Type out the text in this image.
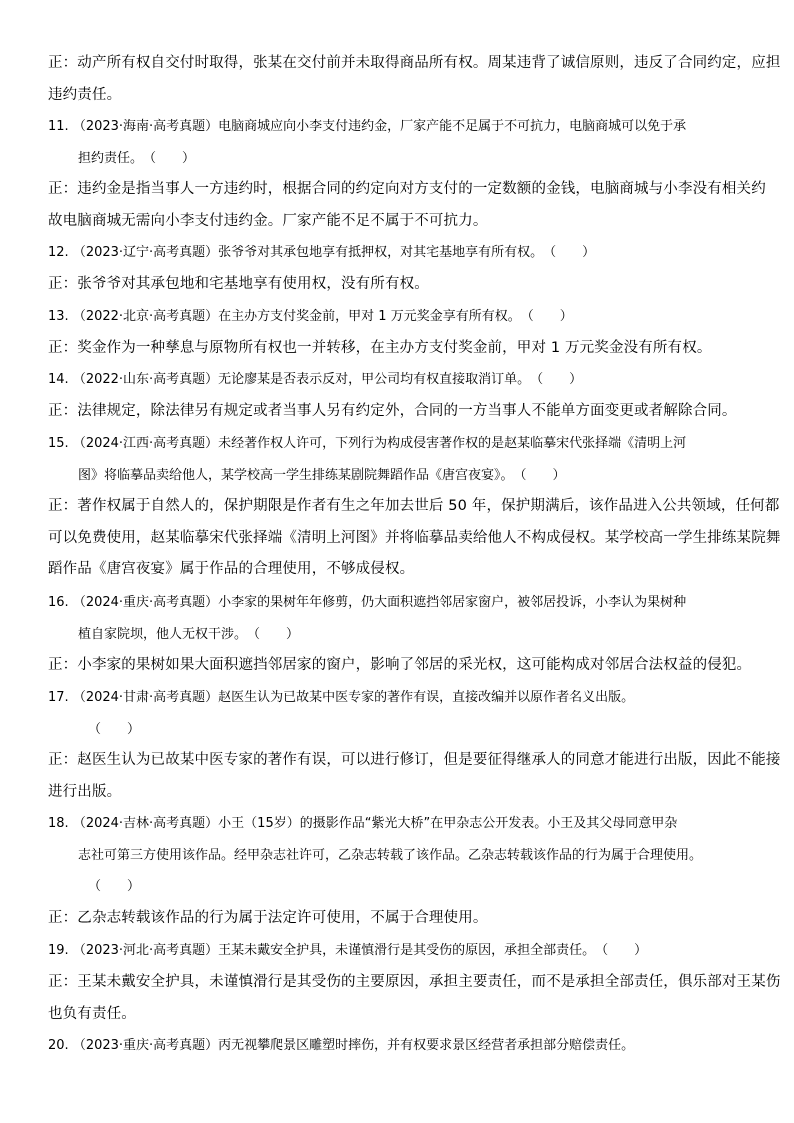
正：动产所有权自交付时取得，张某在交付前并未取得商品所有权。周某违背了诚信原则，违反了合同约定，应担
违约责任。
11. （2023·海南·高考真题）电脑商城应向小李支付违约金，厂家产能不足属于不可抗力，电脑商城可以免于承
担约责任。　（　　）
正：违约金是指当事人一方违约时，根据合同的约定向对方支付的一定数额的金钱，电脑商城与小李没有相关约
故电脑商城无需向小李支付违约金。厂家产能不足不属于不可抗力。
12. （2023·辽宁·高考真题）张爷爷对其承包地享有抵押权，对其宅基地享有所有权。　（　　）
正：张爷爷对其承包地和宅基地享有使用权，没有所有权。
13. （2022·北京·高考真题）在主办方支付奖金前，甲对 1 万元奖金享有所有权。　（　　）
正：奖金作为一种孳息与原物所有权也一并转移，在主办方支付奖金前，甲对 1 万元奖金没有所有权。
14. （2022·山东·高考真题）无论廖某是否表示反对，甲公司均有权直接取消订单。　（　　）
正：法律规定，除法律另有规定或者当事人另有约定外，合同的一方当事人不能单方面变更或者解除合同。
15. （2024·江西·高考真题）未经著作权人许可，下列行为构成侵害著作权的是赵某临摹宋代张择端《清明上河
图》将临摹品卖给他人，某学校高一学生排练某剧院舞蹈作品《唐宫夜宴》。　（　　）
正：著作权属于自然人的，保护期限是作者有生之年加去世后 50 年，保护期满后，该作品进入公共领域，任何都
可以免费使用，赵某临摹宋代张择端《清明上河图》并将临摹品卖给他人不构成侵权。某学校高一学生排练某院舞
蹈作品《唐宫夜宴》属于作品的合理使用，不够成侵权。
16. （2024·重庆·高考真题）小李家的果树年年修剪，仍大面积遮挡邻居家窗户，被邻居投诉，小李认为果树种
植自家院坝，他人无权干涉。　（　　）
正：小李家的果树如果大面积遮挡邻居家的窗户，影响了邻居的采光权，这可能构成对邻居合法权益的侵犯。
17. （2024·甘肃·高考真题）赵医生认为已故某中医专家的著作有误，直接改编并以原作者名义出版。
（　　）
正：赵医生认为已故某中医专家的著作有误，可以进行修订，但是要征得继承人的同意才能进行出版，因此不能接
进行出版。
18. （2024·吉林·高考真题）小王（15岁）的摄影作品“紫光大桥”在甲杂志公开发表。小王及其父母同意甲杂
志社可第三方使用该作品。经甲杂志社许可，乙杂志转载了该作品。乙杂志转载该作品的行为属于合理使用。
（　　）
正：乙杂志转载该作品的行为属于法定许可使用，不属于合理使用。
19. （2023·河北·高考真题）王某未戴安全护具，未谨慎滑行是其受伤的原因，承担全部责任。　（　　）
正：王某未戴安全护具，未谨慎滑行是其受伤的主要原因，承担主要责任，而不是承担全部责任，俱乐部对王某伤
也负有责任。
20. （2023·重庆·高考真题）丙无视攀爬景区雕塑时摔伤，并有权要求景区经营者承担部分赔偿责任。
